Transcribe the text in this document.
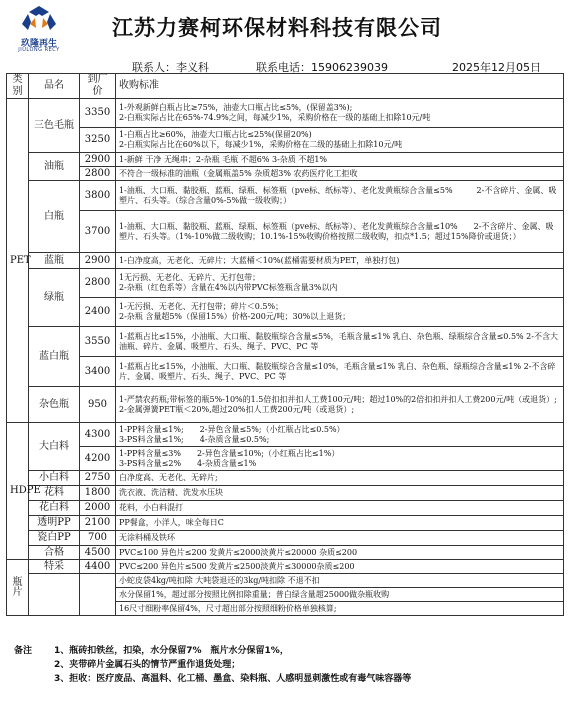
玖隆再生
JIULONG RECY
江苏力赛柯环保材料科技有限公司
联系人：李义科	联系电话：15906239039	2025年12月05日
类别	品名	到厂价	收购标准
PET	三色毛瓶	3350	1-外观新鲜白瓶占比≥75%，油壶大口瓶占比≤5%，(保留盖3%);
2-白瓶实际占比在65%-74.9%之间，每减少1%，采购价格在一级的基础上扣除10元/吨
		3250	1-白瓶占比≥60%，油壶大口瓶占比≤25%(保留20%)
2-白瓶实际占比在60%以下，每减少1%，采购价格在二级的基础上扣除10元/吨
	油瓶	2900	1-新鲜 干净 无绳串；2-杂瓶 毛瓶 不超6% 3-杂质 不超1%
		2800	不符合一级标准的油瓶（金属瓶盖5% 杂质超3% 农药医疗化工拒收
	白瓶	3800	1-油瓶、大口瓶、黏胶瓶、蓝瓶、绿瓶、标签瓶（pve标、纸标等）、老化发黄瓶综合含量≤5%　　　2-不含碎片、金属、吸塑片、石头等。（综合含量0%-5%做一级收购；）
		3700	1-油瓶、大口瓶、黏胶瓶、蓝瓶、绿瓶、标签瓶（pve标、纸标等）、老化发黄瓶综合含量≤10%　　2-不含碎片、金属、吸塑片、石头等。（1%-10%做二级收购；10.1%-15%收购价格按照二级收购，扣点*1.5；超过15%降价或退货；）
	蓝瓶	2900	1-白净度高，无老化、无碎片；大蓝桶＜10%(蓝桶需要材质为PET，单独打包)
	绿瓶	2800	1无污损、无老化、无碎片、无打包带；
2-杂瓶（红色系等）含量在4%以内带PVC标签瓶含量3%以内
		2400	1-无污损、无老化、无打包带；碎片＜0.5%；
2-杂瓶 含量超5%（保留15%）价格-200元/吨；30%以上退货；
	蓝白瓶	3550	1-蓝瓶占比≤15%，小油瓶、大口瓶、黏胶瓶综合含量≤5%，毛瓶含量≤1% 乳白、杂色瓶、绿瓶综合含量≤0.5% 2-不含大油瓶、碎片、金属、吸塑片、石头、绳子、PVC、PC 等
		3400	1-蓝瓶占比≤15%，小油瓶、大口瓶、黏胶瓶综合含量≤10%，毛瓶含量≤1% 乳白、杂色瓶、绿瓶综合含量≤1% 2-不含碎片、金属、吸塑片、石头、绳子、PVC、PC 等
	杂色瓶	950	1-严禁农药瓶;带标签的瓶5%-10%的1.5倍扣扣并扣人工费100元/吨；超过10%的2倍扣扣并扣人工费200元/吨（或退货）;
2-金属弹簧PET瓶＜20%,超过20%扣人工费200元/吨（或退货）;
HDPE	大白料	4300	1-PP料含量≤1%;　　2-异色含量≤5%;（小红瓶占比≤0.5%）
3-PS料含量≤1%;　　4-杂质含量≤0.5%;
		4200	1-PP料含量≤3%　　2-异色含量≤10%;（小红瓶占比≤1%）
3-PS料含量≤2%　　4-杂质含量≤1%
	小白料	2750	白净度高、无老化、无碎片;
	花料	1800	洗衣液、洗洁精、洗发水压块
	花白料	2000	花料，小白料混打
	透明PP	2100	PP餐盒，小洋人，味全每日C
	瓷白PP	700	无涂料桶及铁环
	合格	4500	PVC≤100 异色片≤200 发黄片≤2000淡黄片≤20000 杂质≤200
瓶片	特采	4400	PVC≤200 异色片≤500 发黄片≤2500淡黄片≤30000杂质≤200
			小蛇皮袋4kg/吨扣除 大吨袋退还的3kg/吨扣除 不退不扣
			水分保留1%，超过部分按照比例扣除重量；普白绿含量超25000做杂瓶收购
			16尺寸细粉率保留4%，尺寸超出部分按照细粉价格单独核算;
备注 1、瓶砖扣铁丝，扣染，水分保留7%　瓶片水分保留1%，
2、夹带碎片金属石头的情节严重作退货处理；
3、拒收：医疗废品、高温料、化工桶、墨盒、染料瓶、人感明显刺激性或有毒气味容器等
